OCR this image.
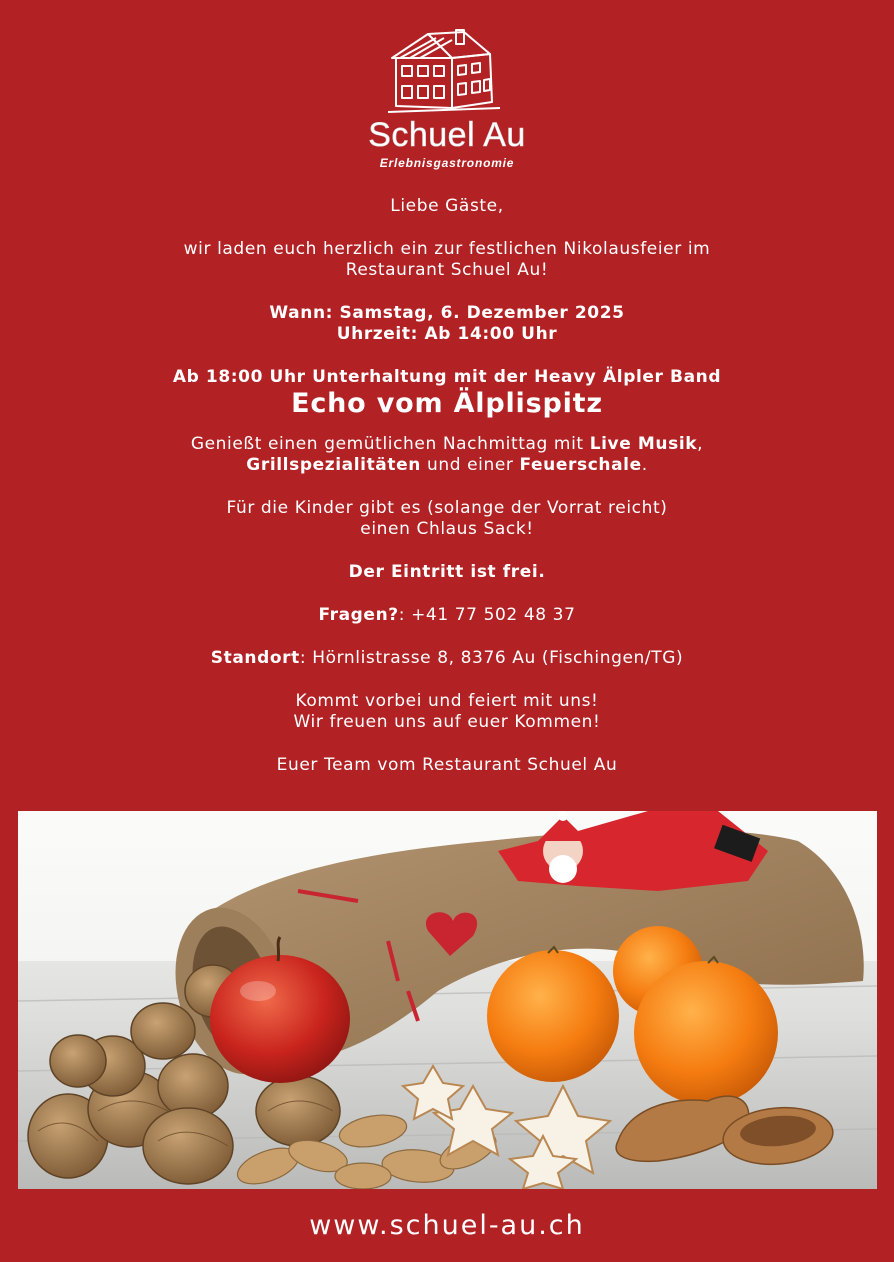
Schuel Au
Erlebnisgastronomie

Liebe Gäste,

wir laden euch herzlich ein zur festlichen Nikolausfeier im

Restaurant Schuel Au!

Wann: Samstag, 6. Dezember 2025

Uhrzeit: Ab 14:00 Uhr

Ab 18:00 Uhr Unterhaltung mit der Heavy Älpler Band

Echo vom Älplispitz

Genießt einen gemütlichen Nachmittag mit Live Musik,

Grillspezialitäten und einer Feuerschale.

Für die Kinder gibt es (solange der Vorrat reicht)

einen Chlaus Sack!

Der Eintritt ist frei.

Fragen?: +41 77 502 48 37

Standort: Hörnlistrasse 8, 8376 Au (Fischingen/TG)

Kommt vorbei und feiert mit uns!

Wir freuen uns auf euer Kommen!

Euer Team vom Restaurant Schuel Au

www.schuel-au.ch
